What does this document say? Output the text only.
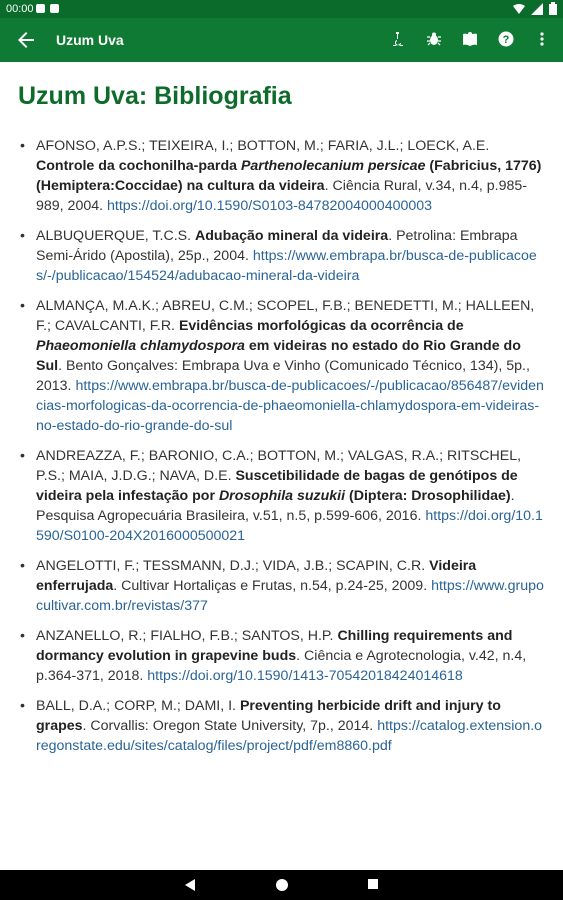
00:00
Uzum Uva	?
Uzum Uva: Bibliografia
• AFONSO, A.P.S.; TEIXEIRA, I.; BOTTON, M.; FARIA, J.L.; LOECK, A.E. Controle da cochonilha-parda Parthenolecanium persicae (Fabricius, 1776) (Hemiptera:Coccidae) na cultura da videira. Ciência Rural, v.34, n.4, p.985-989, 2004. https://doi.org/10.1590/S0103-84782004000400003
• ALBUQUERQUE, T.C.S. Adubação mineral da videira. Petrolina: Embrapa Semi-Árido (Apostila), 25p., 2004. https://www.embrapa.br/busca-de-publicacoes/-/publicacao/154524/adubacao-mineral-da-videira
• ALMANÇA, M.A.K.; ABREU, C.M.; SCOPEL, F.B.; BENEDETTI, M.; HALLEEN, F.; CAVALCANTI, F.R. Evidências morfológicas da ocorrência de Phaeomoniella chlamydospora em videiras no estado do Rio Grande do Sul. Bento Gonçalves: Embrapa Uva e Vinho (Comunicado Técnico, 134), 5p., 2013. https://www.embrapa.br/busca-de-publicacoes/-/publicacao/856487/evidencias-morfologicas-da-ocorrencia-de-phaeomoniella-chlamydospora-em-videiras-no-estado-do-rio-grande-do-sul
• ANDREAZZA, F.; BARONIO, C.A.; BOTTON, M.; VALGAS, R.A.; RITSCHEL, P.S.; MAIA, J.D.G.; NAVA, D.E. Suscetibilidade de bagas de genótipos de videira pela infestação por Drosophila suzukii (Diptera: Drosophilidae). Pesquisa Agropecuária Brasileira, v.51, n.5, p.599-606, 2016. https://doi.org/10.1590/S0100-204X2016000500021
• ANGELOTTI, F.; TESSMANN, D.J.; VIDA, J.B.; SCAPIN, C.R. Videira enferrujada. Cultivar Hortaliças e Frutas, n.54, p.24-25, 2009. https://www.grupocultivar.com.br/revistas/377
• ANZANELLO, R.; FIALHO, F.B.; SANTOS, H.P. Chilling requirements and dormancy evolution in grapevine buds. Ciência e Agrotecnologia, v.42, n.4, p.364-371, 2018. https://doi.org/10.1590/1413-70542018424014618
• BALL, D.A.; CORP, M.; DAMI, I. Preventing herbicide drift and injury to grapes. Corvallis: Oregon State University, 7p., 2014. https://catalog.extension.oregonstate.edu/sites/catalog/files/project/pdf/em8860.pdf
